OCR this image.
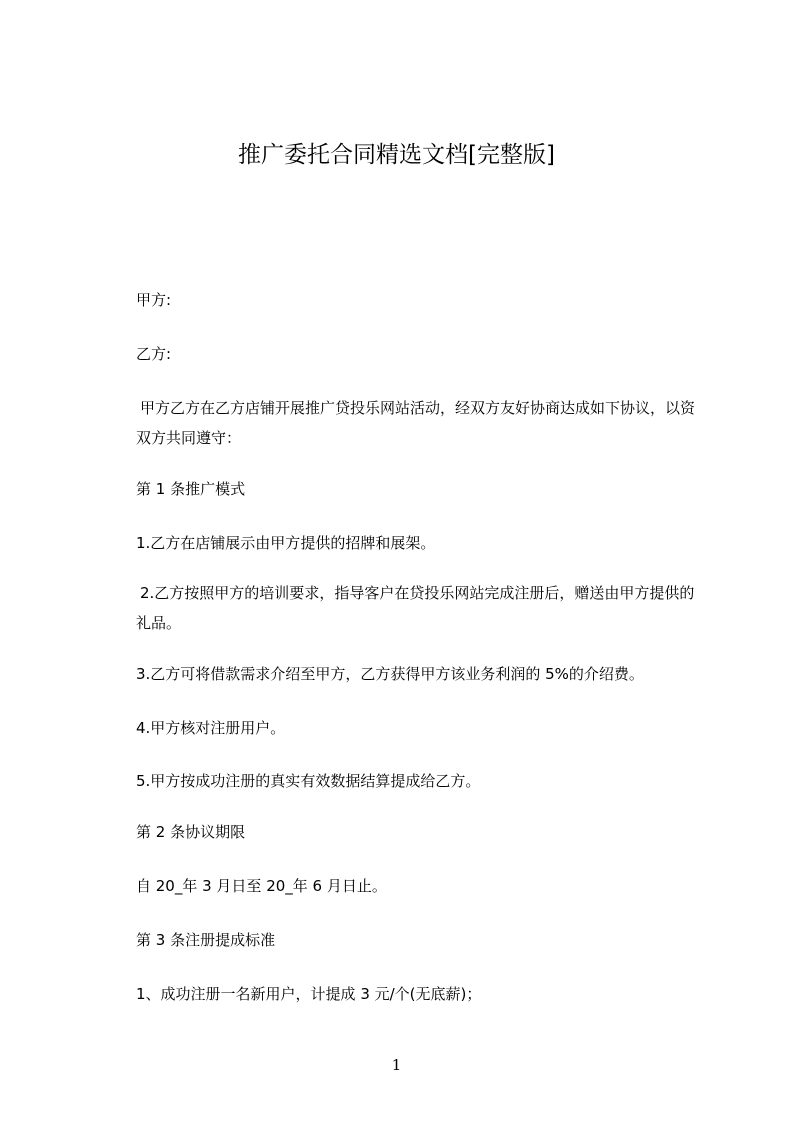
推广委托合同精选文档[完整版]
甲方:
乙方:
甲方乙方在乙方店铺开展推广贷投乐网站活动，经双方友好协商达成如下协议，以资双方共同遵守：
第 1 条推广模式
1.乙方在店铺展示由甲方提供的招牌和展架。
2.乙方按照甲方的培训要求，指导客户在贷投乐网站完成注册后，赠送由甲方提供的礼品。
3.乙方可将借款需求介绍至甲方，乙方获得甲方该业务利润的 5%的介绍费。
4.甲方核对注册用户。
5.甲方按成功注册的真实有效数据结算提成给乙方。
第 2 条协议期限
自 20_年 3 月日至 20_年 6 月日止。
第 3 条注册提成标准
1、成功注册一名新用户，计提成 3 元/个(无底薪)；
1
